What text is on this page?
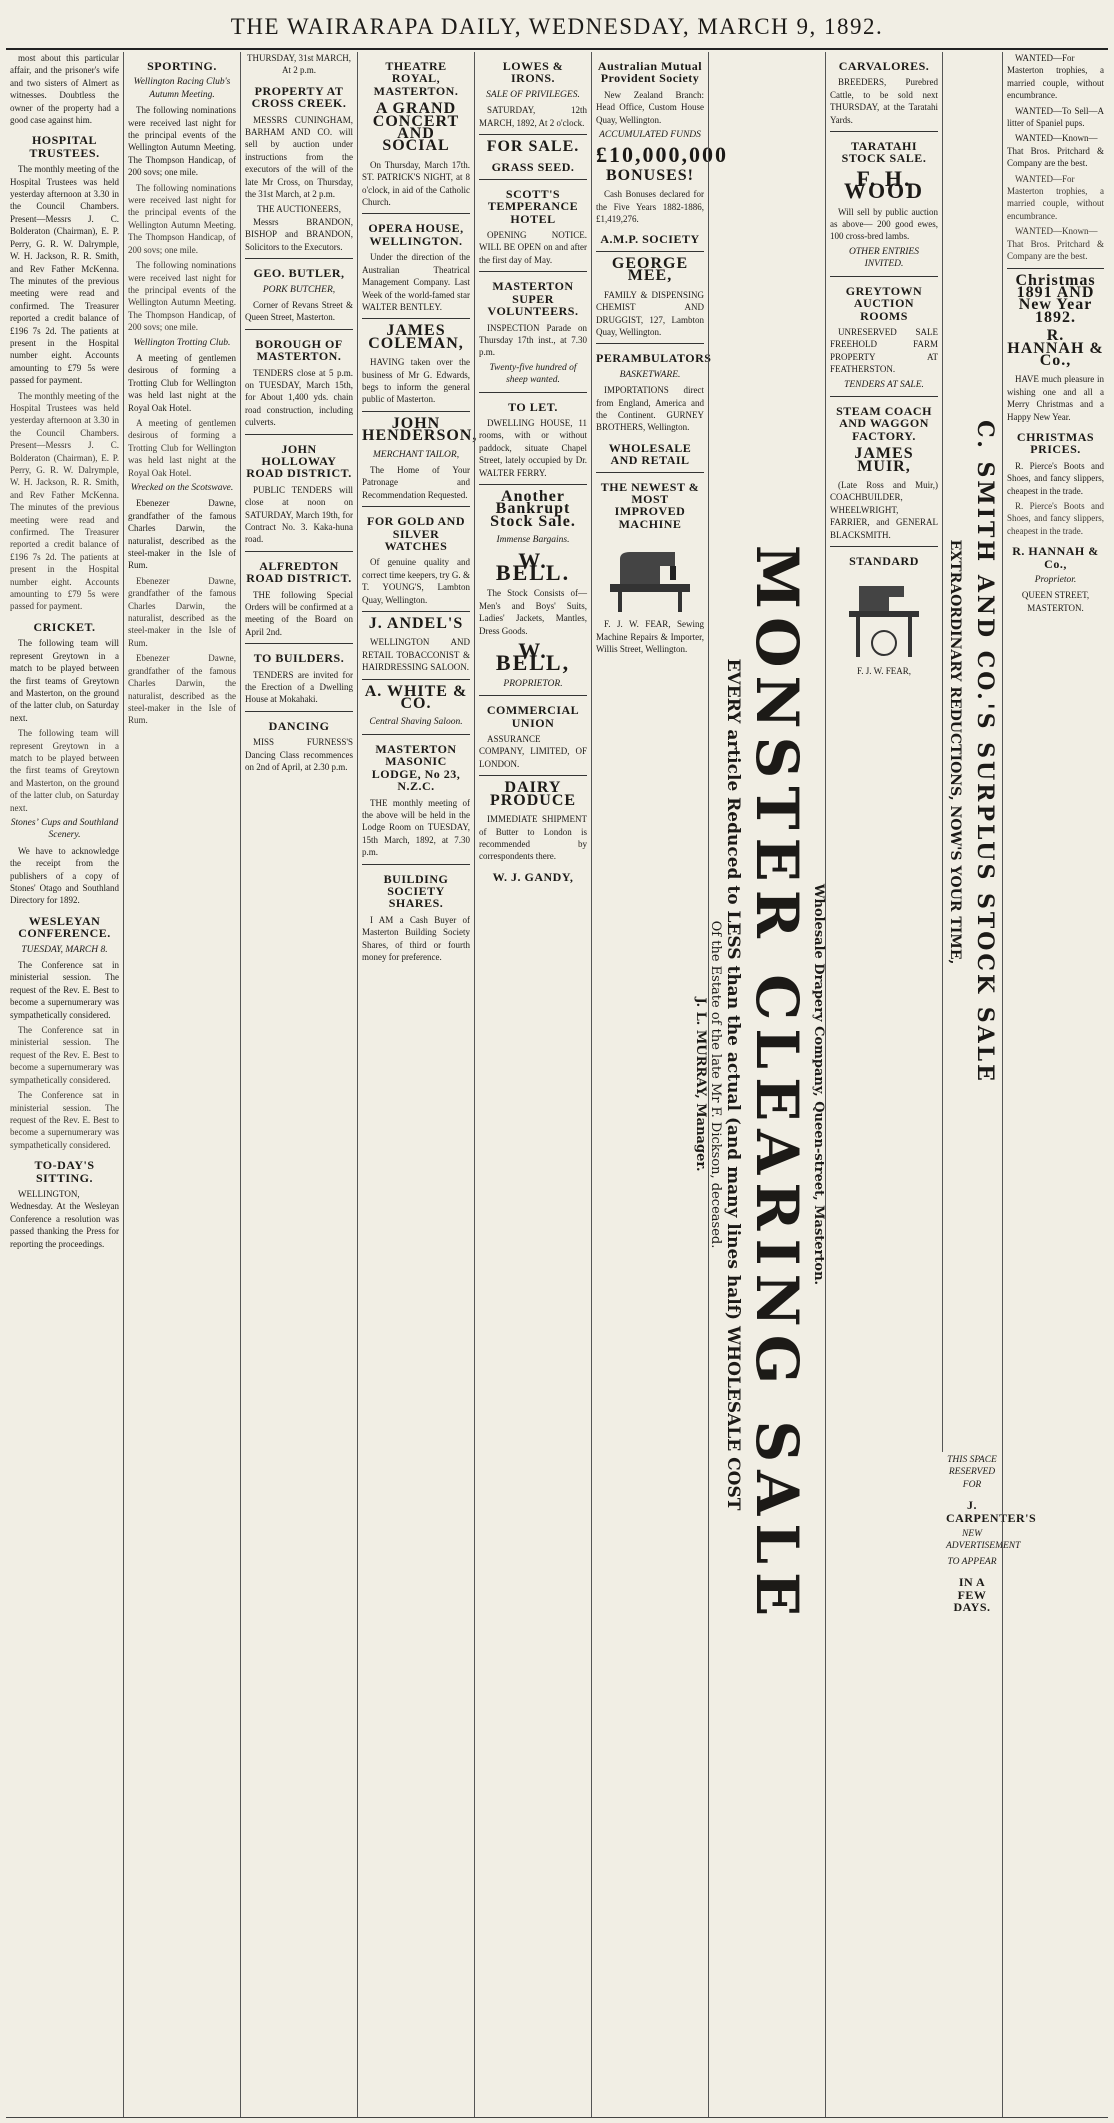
THE WAIRARAPA DAILY, WEDNESDAY, MARCH 9, 1892.

most about this particular affair, and the prisoner's wife and two sisters of Almert as witnesses. Doubtless the owner of the property had a good case against him.

HOSPITAL TRUSTEES.

The monthly meeting of the Hospital Trustees was held yesterday afternoon at 3.30 in the Council Chambers. Present—Messrs J. C. Bolderaton (Chairman), E. P. Perry, G. R. W. Dalrymple, W. H. Jackson, R. R. Smith, and Rev Father McKenna. The minutes of the previous meeting were read and confirmed. The Treasurer reported a credit balance of £196 7s 2d. The patients at present in the Hospital number eight. Accounts amounting to £79 5s were passed for payment.

The monthly meeting of the Hospital Trustees was held yesterday afternoon at 3.30 in the Council Chambers. Present—Messrs J. C. Bolderaton (Chairman), E. P. Perry, G. R. W. Dalrymple, W. H. Jackson, R. R. Smith, and Rev Father McKenna. The minutes of the previous meeting were read and confirmed. The Treasurer reported a credit balance of £196 7s 2d. The patients at present in the Hospital number eight. Accounts amounting to £79 5s were passed for payment.

CRICKET.

The following team will represent Greytown in a match to be played between the first teams of Greytown and Masterton, on the ground of the latter club, on Saturday next.

The following team will represent Greytown in a match to be played between the first teams of Greytown and Masterton, on the ground of the latter club, on Saturday next.

Stonesʼ Cups and Southland Scenery.

We have to acknowledge the receipt from the publishers of a copy of Stones' Otago and Southland Directory for 1892.

WESLEYAN CONFERENCE.
TUESDAY, MARCH 8.

The Conference sat in ministerial session. The request of the Rev. E. Best to become a supernumerary was sympathetically considered.

The Conference sat in ministerial session. The request of the Rev. E. Best to become a supernumerary was sympathetically considered.

The Conference sat in ministerial session. The request of the Rev. E. Best to become a supernumerary was sympathetically considered.

TO-DAY'S SITTING.

WELLINGTON, Wednesday. At the Wesleyan Conference a resolution was passed thanking the Press for reporting the proceedings.

SPORTING.
Wellington Racing Club's Autumn Meeting.

The following nominations were received last night for the principal events of the Wellington Autumn Meeting. The Thompson Handicap, of 200 sovs; one mile.

The following nominations were received last night for the principal events of the Wellington Autumn Meeting. The Thompson Handicap, of 200 sovs; one mile.

The following nominations were received last night for the principal events of the Wellington Autumn Meeting. The Thompson Handicap, of 200 sovs; one mile.

Wellington Trotting Club.

A meeting of gentlemen desirous of forming a Trotting Club for Wellington was held last night at the Royal Oak Hotel.

A meeting of gentlemen desirous of forming a Trotting Club for Wellington was held last night at the Royal Oak Hotel.

Wrecked on the Scotswave.

Ebenezer Dawne, grandfather of the famous Charles Darwin, the naturalist, described as the steel-maker in the Isle of Rum.

Ebenezer Dawne, grandfather of the famous Charles Darwin, the naturalist, described as the steel-maker in the Isle of Rum.

Ebenezer Dawne, grandfather of the famous Charles Darwin, the naturalist, described as the steel-maker in the Isle of Rum.

THURSDAY, 31st MARCH, At 2 p.m.
PROPERTY AT CROSS CREEK.

MESSRS CUNINGHAM, BARHAM AND CO. will sell by auction under instructions from the executors of the will of the late Mr Cross, on Thursday, the 31st March, at 2 p.m.

THE AUCTIONEERS,

Messrs BRANDON, BISHOP and BRANDON, Solicitors to the Executors.

GEO. BUTLER,
PORK BUTCHER,

Corner of Revans Street & Queen Street, Masterton.

BOROUGH OF MASTERTON.

TENDERS close at 5 p.m. on TUESDAY, March 15th, for About 1,400 yds. chain road construction, including culverts.

JOHN HOLLOWAY ROAD DISTRICT.

PUBLIC TENDERS will close at noon on SATURDAY, March 19th, for Contract No. 3. Kaka-huna road.

ALFREDTON ROAD DISTRICT.

THE following Special Orders will be confirmed at a meeting of the Board on April 2nd.

TO BUILDERS.

TENDERS are invited for the Erection of a Dwelling House at Mokahaki.

DANCING

MISS FURNESS'S Dancing Class recommences on 2nd of April, at 2.30 p.m.

THEATRE ROYAL, MASTERTON.
A GRAND CONCERT AND SOCIAL

On Thursday, March 17th. ST. PATRICK'S NIGHT, at 8 o'clock, in aid of the Catholic Church.

OPERA HOUSE, WELLINGTON.

Under the direction of the Australian Theatrical Management Company. Last Week of the world-famed star WALTER BENTLEY.

JAMES COLEMAN,

HAVING taken over the business of Mr G. Edwards, begs to inform the general public of Masterton.

JOHN HENDERSON,
MERCHANT TAILOR,

The Home of Your Patronage and Recommendation Requested.

FOR GOLD AND SILVER WATCHES

Of genuine quality and correct time keepers, try G. & T. YOUNG'S, Lambton Quay, Wellington.

J. ANDEL'S

WELLINGTON AND RETAIL TOBACCONIST & HAIRDRESSING SALOON.

A. WHITE & CO.
Central Shaving Saloon.
MASTERTON MASONIC LODGE, No 23, N.Z.C.

THE monthly meeting of the above will be held in the Lodge Room on TUESDAY, 15th March, 1892, at 7.30 p.m.

BUILDING SOCIETY SHARES.

I AM a Cash Buyer of Masterton Building Society Shares, of third or fourth money for preference.

LOWES & IRONS.
SALE OF PRIVILEGES.

SATURDAY, 12th MARCH, 1892, At 2 o'clock.

FOR SALE.
GRASS SEED.
SCOTT'S TEMPERANCE HOTEL

OPENING NOTICE. WILL BE OPEN on and after the first day of May.

MASTERTON SUPER VOLUNTEERS.

INSPECTION Parade on Thursday 17th inst., at 7.30 p.m.

Twenty-five hundred of sheep wanted.
TO LET.

DWELLING HOUSE, 11 rooms, with or without paddock, situate Chapel Street, lately occupied by Dr. WALTER FERRY.

Another Bankrupt Stock Sale.
Immense Bargains.
W. BELL.

The Stock Consists of— Men's and Boys' Suits, Ladies' Jackets, Mantles, Dress Goods.

W. BELL,
PROPRIETOR.
COMMERCIAL UNION

ASSURANCE COMPANY, LIMITED, OF LONDON.

DAIRY PRODUCE

IMMEDIATE SHIPMENT of Butter to London is recommended by correspondents there.

W. J. GANDY,
Australian Mutual Provident Society

New Zealand Branch: Head Office, Custom House Quay, Wellington.

ACCUMULATED FUNDS
£10,000,000
BONUSES!

Cash Bonuses declared for the Five Years 1882-1886, £1,419,276.

A.M.P. SOCIETY
GEORGE MEE,

FAMILY & DISPENSING CHEMIST AND DRUGGIST, 127, Lambton Quay, Wellington.

PERAMBULATORS
BASKETWARE.

IMPORTATIONS direct from England, America and the Continent. GURNEY BROTHERS, Wellington.

WHOLESALE AND RETAIL
THE NEWEST & MOST IMPROVED MACHINE

F. J. W. FEAR, Sewing Machine Repairs & Importer, Willis Street, Wellington.

Wholesale Drapery Company, Queen-street, Masterton.
MONSTER CLEARING SALE
EVERY article Reduced to LESS than the actual (and many lines half) WHOLESALE COST
Of the Estate of the late Mr F. Dickson, deceased.
J. L. MURRAY, Manager.
CARVALORES.

BREEDERS, Purebred Cattle, to be sold next THURSDAY, at the Taratahi Yards.

TARATAHI STOCK SALE.
F. H. WOOD

Will sell by public auction as above— 200 good ewes, 100 cross-bred lambs.

OTHER ENTRIES INVITED.
GREYTOWN AUCTION ROOMS

UNRESERVED SALE FREEHOLD FARM PROPERTY AT FEATHERSTON.

TENDERS AT SALE.
STEAM COACH AND WAGGON FACTORY.
JAMES MUIR,

(Late Ross and Muir,) COACHBUILDER, WHEELWRIGHT, FARRIER, and GENERAL BLACKSMITH.

STANDARD
F. J. W. FEAR,	C. SMITH AND CO.'S SURPLUS STOCK SALE
EXTRAORDINARY REDUCTIONS, NOW'S YOUR TIME,
THIS SPACE RESERVED FOR
J. CARPENTER'S
NEW ADVERTISEMENT
TO APPEAR
IN A FEW DAYS.

WANTED—For Masterton trophies, a married couple, without encumbrance.

WANTED—To Sell—A litter of Spaniel pups.

WANTED—Known—That Bros. Pritchard & Company are the best.

WANTED—For Masterton trophies, a married couple, without encumbrance.

WANTED—Known—That Bros. Pritchard & Company are the best.

Christmas 1891 AND New Year 1892.
R. HANNAH & Co.,

HAVE much pleasure in wishing one and all a Merry Christmas and a Happy New Year.

CHRISTMAS PRICES.

R. Pierce's Boots and Shoes, and fancy slippers, cheapest in the trade.

R. Pierce's Boots and Shoes, and fancy slippers, cheapest in the trade.

R. HANNAH & Co.,
Proprietor.
QUEEN STREET, MASTERTON.
